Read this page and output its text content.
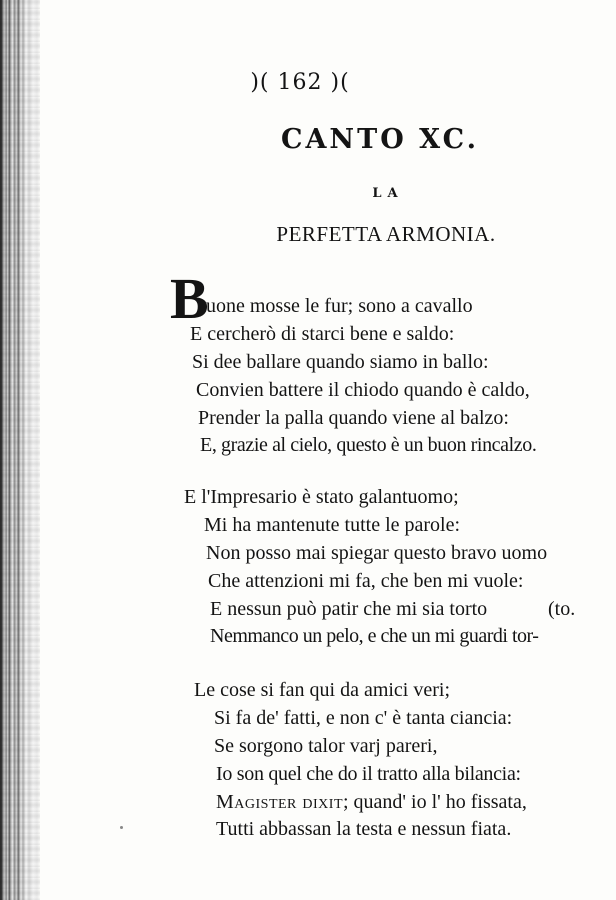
)( 162 )(
CANTO XC.
LA
PERFETTA ARMONIA.
B
uone mosse le fur; sono a cavallo
E cercherò di starci bene e saldo:
Si dee ballare quando siamo in ballo:
Convien battere il chiodo quando è caldo,
Prender la palla quando viene al balzo:
E, grazie al cielo, questo è un buon rincalzo.
E l'Impresario è stato galantuomo;
Mi ha mantenute tutte le parole:
Non posso mai spiegar questo bravo uomo
Che attenzioni mi fa, che ben mi vuole:
E nessun può patir che mi sia torto	(to.
Nemmanco un pelo, e che un mi guardi tor-
Le cose si fan qui da amici veri;
Si fa de' fatti, e non c' è tanta ciancia:
Se sorgono talor varj pareri,
Io son quel che do il tratto alla bilancia:
Magister dixit; quand' io l' ho fissata,
Tutti abbassan la testa e nessun fiata.
